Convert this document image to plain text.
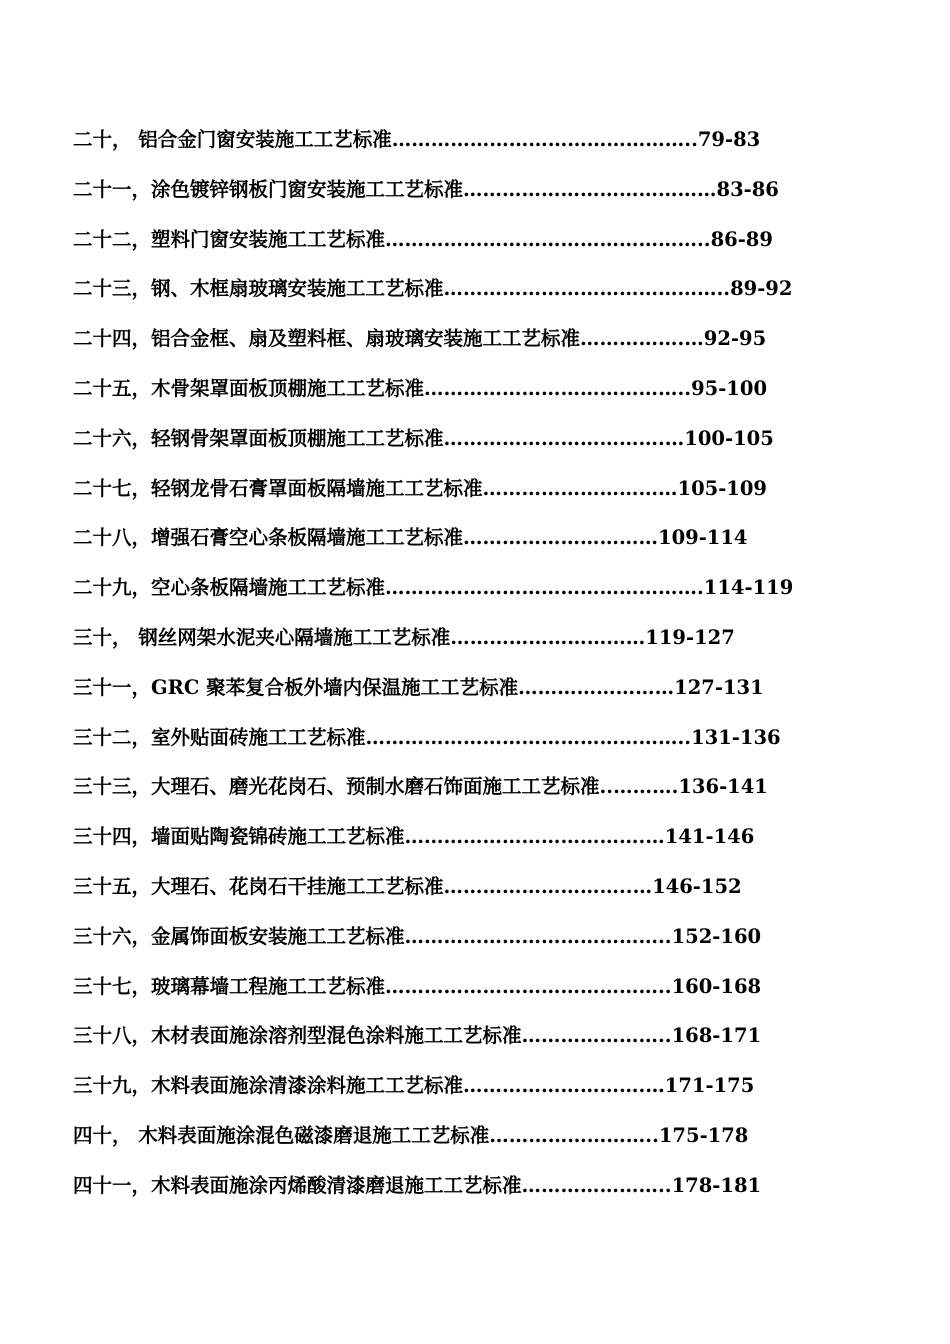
二十， 铝合金门窗安装施工工艺标准………………………………………..79-83
二十一，涂色镀锌钢板门窗安装施工工艺标准…………………………………83-86
二十二，塑料门窗安装施工工艺标准…………………………………………..86-89
二十三，钢、木框扇玻璃安装施工工艺标准……………………………………..89-92
二十四，铝合金框、扇及塑料框、扇玻璃安装施工工艺标准…………….…92-95
二十五，木骨架罩面板顶棚施工工艺标准…………………………………..95-100
二十六，轻钢骨架罩面板顶棚施工工艺标准…………………………….…100-105
二十七，轻钢龙骨石膏罩面板隔墙施工工艺标准…………………………105-109
二十八，增强石膏空心条板隔墙施工工艺标准…………………………109-114
二十九，空心条板隔墙施工工艺标准………………………………………….114-119
三十， 钢丝网架水泥夹心隔墙施工工艺标准…………………………119-127
三十一，GRC 聚苯复合板外墙内保温施工工艺标准……………………127-131
三十二，室外贴面砖施工工艺标准…………………………………………..131-136
三十三，大理石、磨光花岗石、预制水磨石饰面施工工艺标准..……….136-141
三十四，墙面贴陶瓷锦砖施工工艺标准……………………………….…141-146
三十五，大理石、花岗石干挂施工工艺标准………………………..…146-152
三十六，金属饰面板安装施工工艺标准…………………………………..152-160
三十七，玻璃幕墙工程施工工艺标准……………………………………..160-168
三十八，木材表面施涂溶剂型混色涂料施工工艺标准…………………..168-171
三十九，木料表面施涂清漆涂料施工工艺标准……………………….…171-175
四十， 木料表面施涂混色磁漆磨退施工工艺标准……………………..175-178
四十一，木料表面施涂丙烯酸清漆磨退施工工艺标准…………………..178-181
